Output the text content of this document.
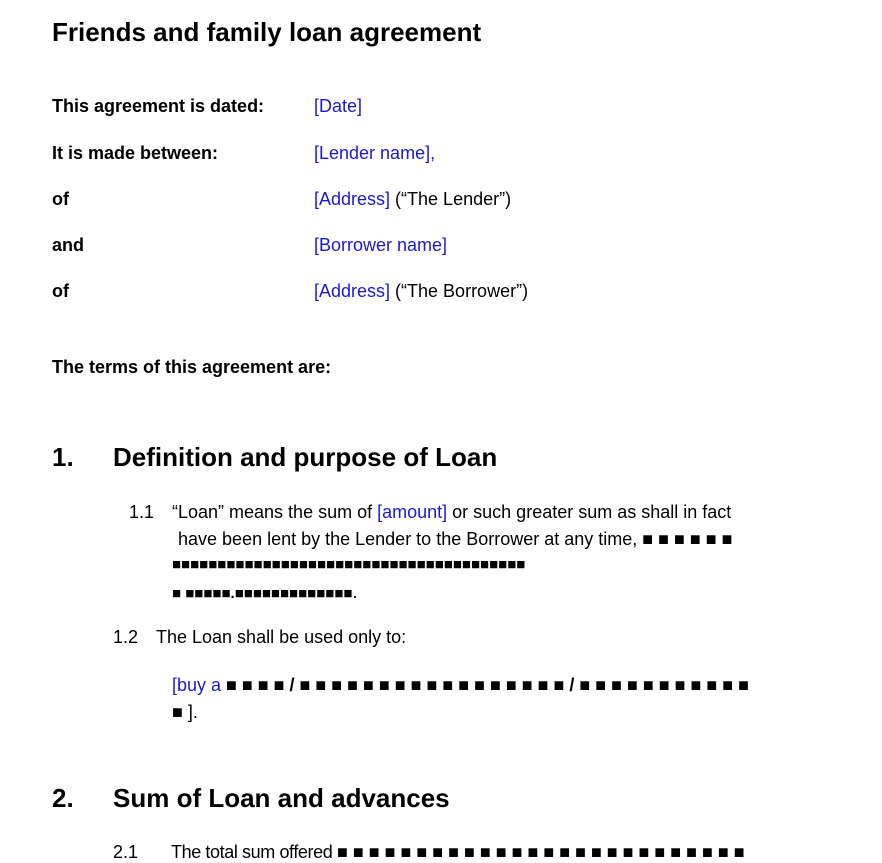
Friends and family loan agreement
This agreement is dated:	[Date]
It is made between:	[Lender name],
of	[Address] (“The Lender”)
and	[Borrower name]
of	[Address] (“The Borrower”)
The terms of this agreement are:
1. Definition and purpose of Loan
1.1 “Loan” means the sum of [amount] or such greater sum as shall in fact
have been lent by the Lender to the Borrower at any time, ■ ■ ■ ■ ■ ■
■■■■■■■■■■■■■■■■■■■■■■■■■■■■■■■■■■■■■■■
■ ■■■■■.■■■■■■■■■■■■■.
1.2 The Loan shall be used only to:
[buy a ■ ■ ■ ■ / ■ ■ ■ ■ ■ ■ ■ ■ ■ ■ ■ ■ ■ ■ ■ ■ ■ / ■ ■ ■ ■ ■ ■ ■ ■ ■ ■ ■
■ ].
2. Sum of Loan and advances
2.1 The total sum offered ■ ■ ■ ■ ■ ■ ■ ■ ■ ■ ■ ■ ■ ■ ■ ■ ■ ■ ■ ■ ■ ■ ■ ■ ■ ■
